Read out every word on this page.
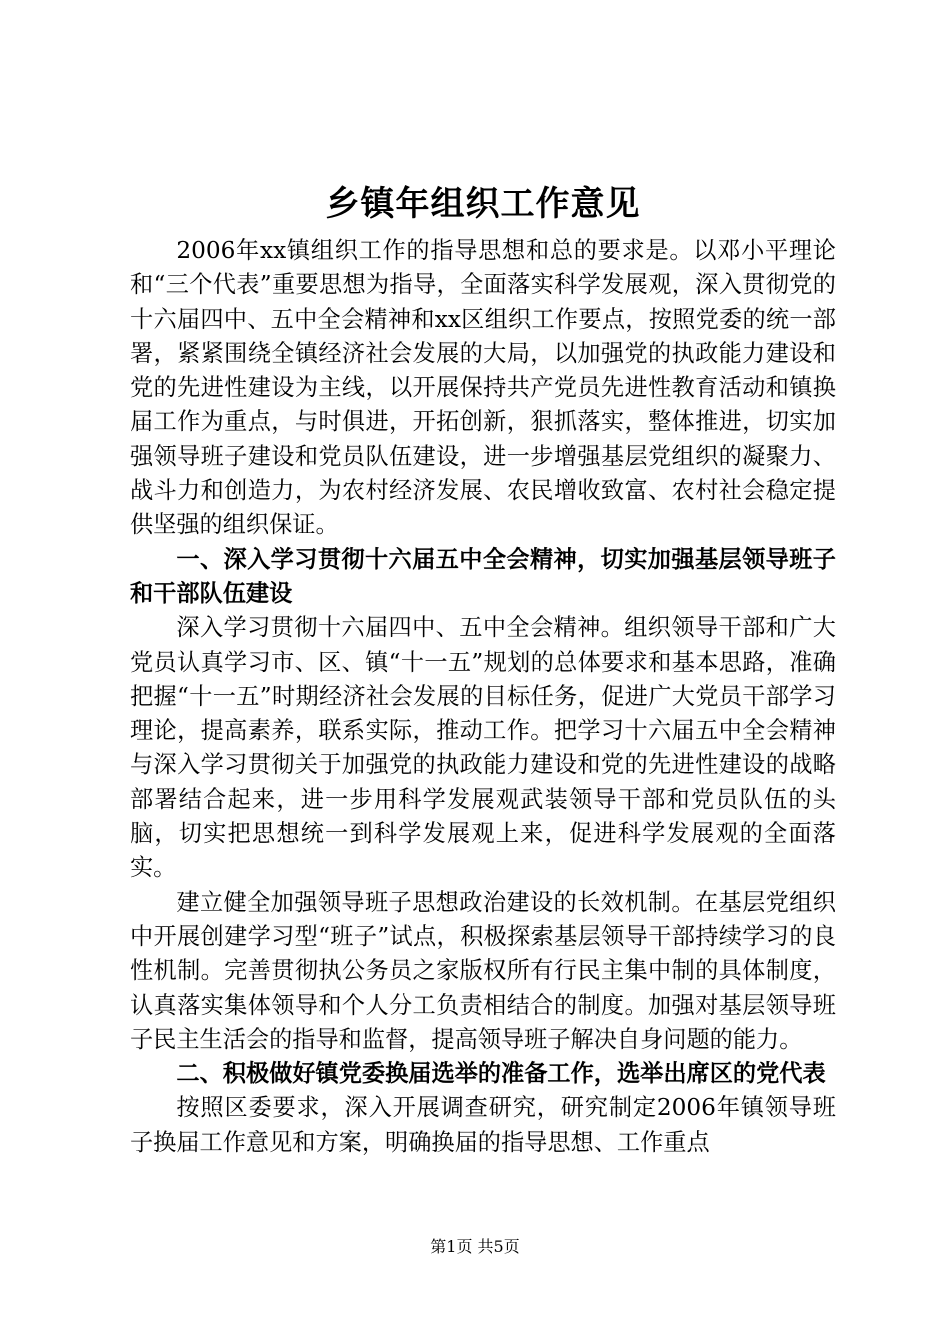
乡镇年组织工作意见

2006年xx镇组织工作的指导思想和总的要求是。以邓小平理论和“三个代表”重要思想为指导，全面落实科学发展观，深入贯彻党的十六届四中、五中全会精神和xx区组织工作要点，按照党委的统一部署，紧紧围绕全镇经济社会发展的大局，以加强党的执政能力建设和党的先进性建设为主线，以开展保持共产党员先进性教育活动和镇换届工作为重点，与时俱进，开拓创新，狠抓落实，整体推进，切实加强领导班子建设和党员队伍建设，进一步增强基层党组织的凝聚力、战斗力和创造力，为农村经济发展、农民增收致富、农村社会稳定提供坚强的组织保证。

一、深入学习贯彻十六届五中全会精神，切实加强基层领导班子和干部队伍建设

深入学习贯彻十六届四中、五中全会精神。组织领导干部和广大党员认真学习市、区、镇“十一五”规划的总体要求和基本思路，准确把握“十一五”时期经济社会发展的目标任务，促进广大党员干部学习理论，提高素养，联系实际，推动工作。把学习十六届五中全会精神与深入学习贯彻关于加强党的执政能力建设和党的先进性建设的战略部署结合起来，进一步用科学发展观武装领导干部和党员队伍的头脑，切实把思想统一到科学发展观上来，促进科学发展观的全面落实。

建立健全加强领导班子思想政治建设的长效机制。在基层党组织中开展创建学习型“班子”试点，积极探索基层领导干部持续学习的良性机制。完善贯彻执公务员之家版权所有行民主集中制的具体制度，认真落实集体领导和个人分工负责相结合的制度。加强对基层领导班子民主生活会的指导和监督，提高领导班子解决自身问题的能力。

二、积极做好镇党委换届选举的准备工作，选举出席区的党代表

按照区委要求，深入开展调查研究，研究制定2006年镇领导班子换届工作意见和方案，明确换届的指导思想、工作重点

第1页 共5页
